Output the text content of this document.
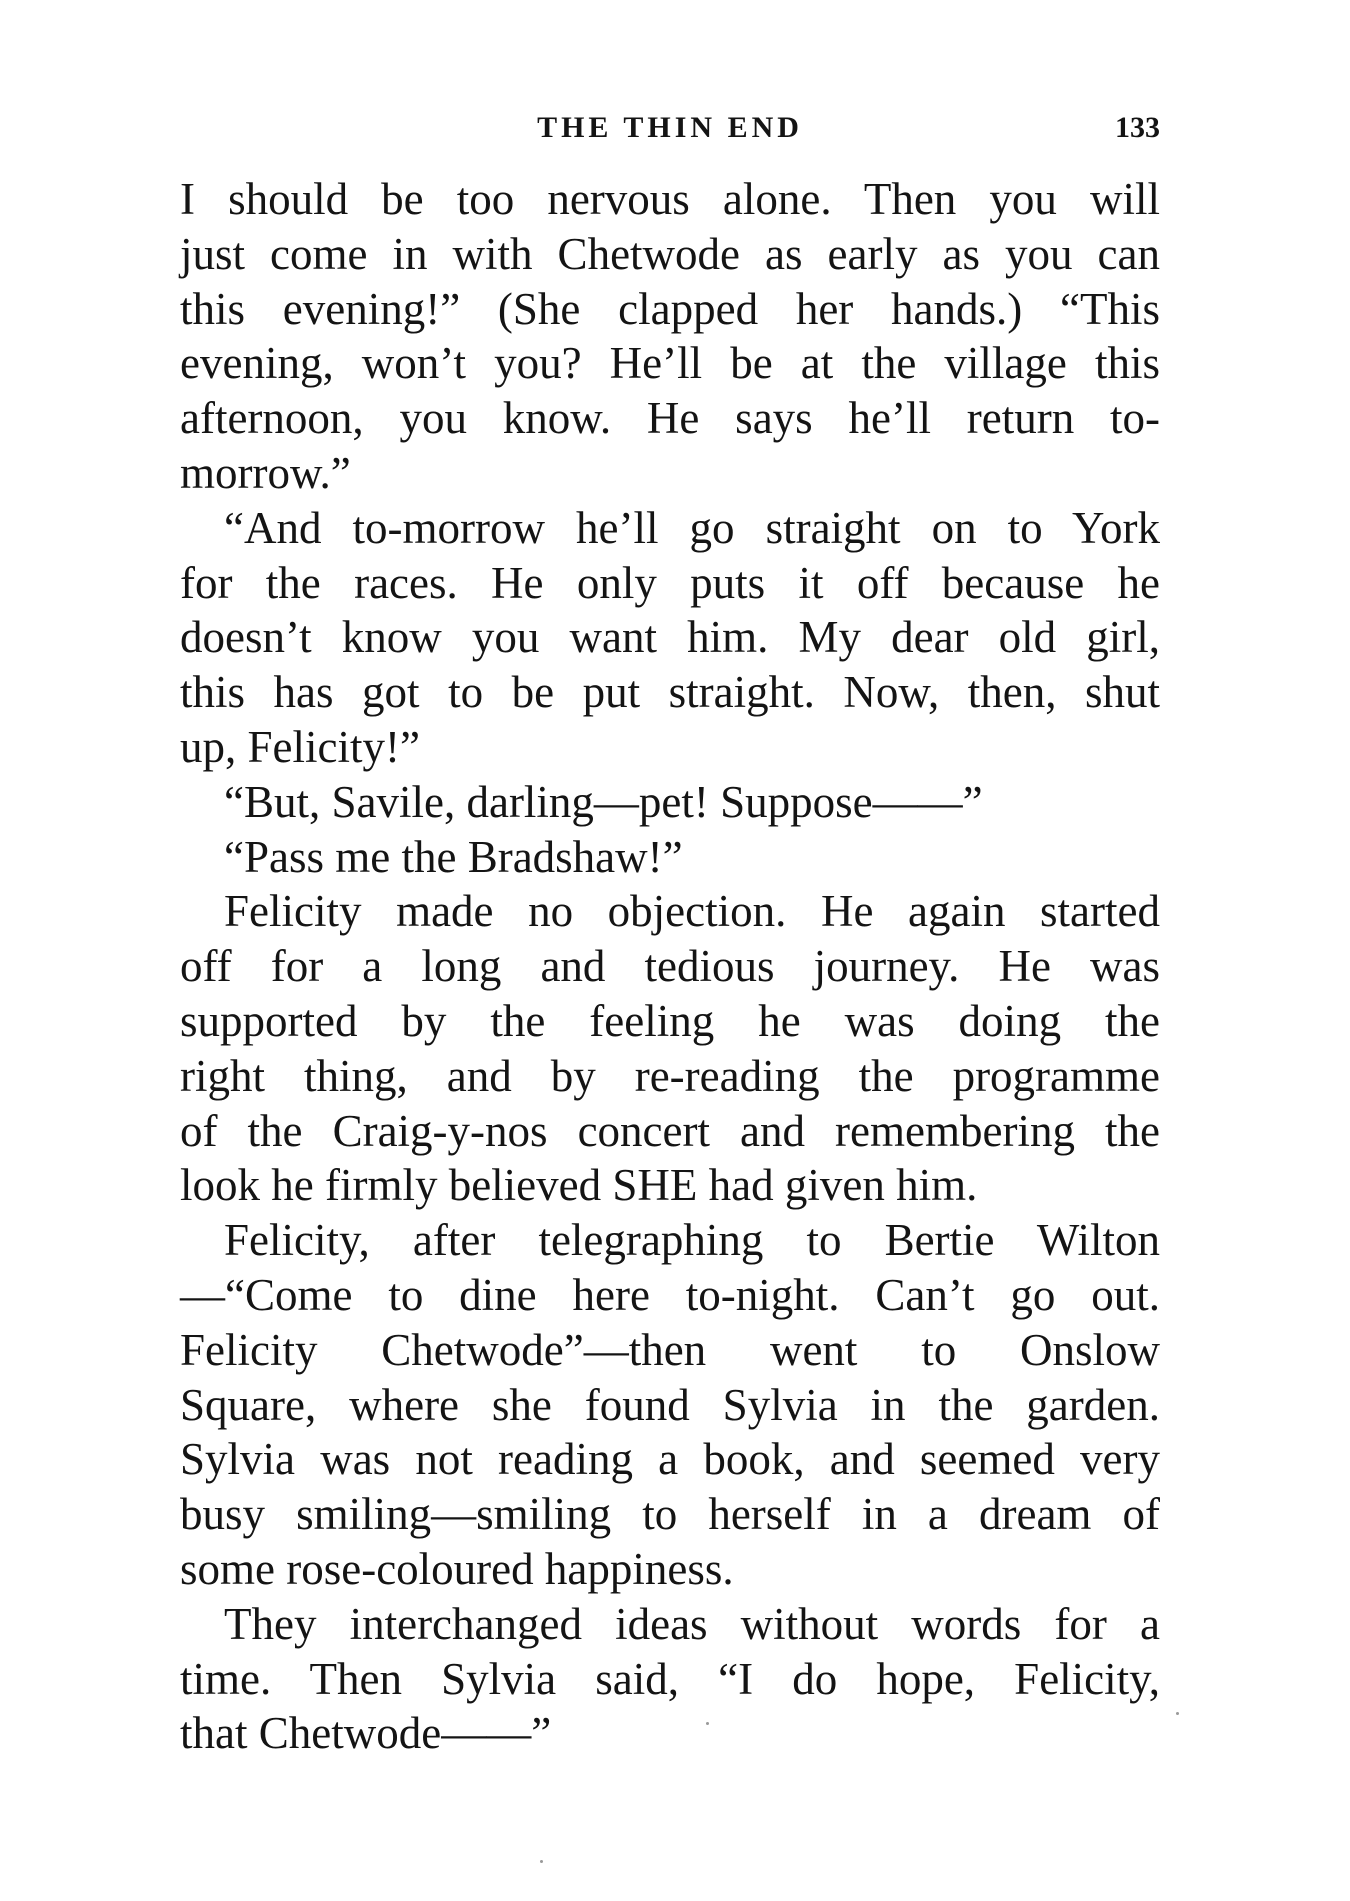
THE THIN END	133

I should be too nervous alone. Then you will
just come in with Chetwode as early as you can
this evening!” (She clapped her hands.) “This
evening, won’t you? He’ll be at the village this
afternoon, you know. He says he’ll return to-
morrow.”

“And to-morrow he’ll go straight on to York
for the races. He only puts it off because he
doesn’t know you want him. My dear old girl,
this has got to be put straight. Now, then, shut
up, Felicity!”

“But, Savile, darling—pet! Suppose——”

“Pass me the Bradshaw!”

Felicity made no objection. He again started
off for a long and tedious journey. He was
supported by the feeling he was doing the
right thing, and by re-reading the programme
of the Craig-y-nos concert and remembering the
look he firmly believed SHE had given him.

Felicity, after telegraphing to Bertie Wilton
—“Come to dine here to-night. Can’t go out.
Felicity Chetwode”—then went to Onslow
Square, where she found Sylvia in the garden.
Sylvia was not reading a book, and seemed very
busy smiling—smiling to herself in a dream of
some rose-coloured happiness.

They interchanged ideas without words for a
time. Then Sylvia said, “I do hope, Felicity,
that Chetwode——”
